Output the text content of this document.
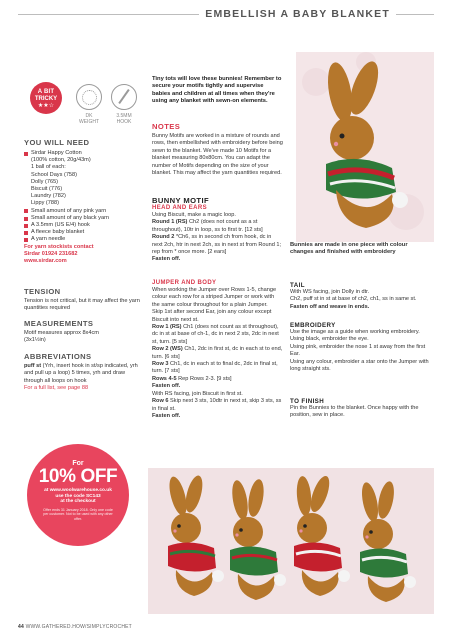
EMBELLISH A BABY BLANKET
A BIT
TRICKY
★★☆
DK
WEIGHT
3.5MM
HOOK
YOU WILL NEED
Sirdar Happy Cotton
(100% cotton, 20g/43m)
1 ball of each:
School Days (758)
Dolly (765)
Biscuit (776)
Laundry (782)
Lippy (788)
Small amount of any pink yarn
Small amount of any black yarn
A 3.5mm (US E/4) hook
A fleece baby blanket
A yarn needle
For yarn stockists contact
Sirdar 01924 231682
www.sirdar.com
TENSION
Tension is not critical, but it may affect the yarn quantities required
MEASUREMENTS
Motif measures approx 8x4cm
(3x1½in)
ABBREVIATIONS
puff st (Yrh, insert hook in st/sp indicated, yrh and pull up a loop) 5 times, yrh and draw through all loops on hook
For a full list, see page 88
For
10% OFF
at www.woolwarehouse.co.uk
use the code SC143
at the checkout
Offer ends 31 January 2018. Only one code per customer. Not to be used with any other offer.
Tiny tots will love these bunnies! Remember to secure your motifs tightly and supervise babies and children at all times when they're using any blanket with sewn-on elements.
NOTES
Bunny Motifs are worked in a mixture of rounds and rows, then embellished with embroidery before being sewn to the blanket. We've made 10 Motifs for a blanket measuring 80x80cm. You can adapt the number of Motifs depending on the size of your blanket. This may affect the yarn quantities required.
BUNNY MOTIF
HEAD AND EARS
Using Biscuit, make a magic loop.
Round 1 (RS) Ch2 (does not count as a st throughout), 10tr in loop, ss to first tr. [12 sts]
Round 2 *Ch6, ss in second ch from hook, dc in next 2ch, htr in next 2ch, ss in next st from Round 1; rep from * once more. [2 ears]
Fasten off.
JUMPER AND BODY
When working the Jumper over Rows 1-5, change colour each row for a striped Jumper or work with the same colour throughout for a plain Jumper.
Skip 1st after second Ear, join any colour except Biscuit into next st.
Row 1 (RS) Ch1 (does not count as st throughout), dc in st at base of ch-1, dc in next 2 sts, 2dc in next st, turn. [5 sts]
Row 2 (WS) Ch1, 2dc in first st, dc in each st to end, turn. [6 sts]
Row 3 Ch1, dc in each st to final dc, 2dc in final st, turn. [7 sts]
Rows 4-5 Rep Rows 2-3. [9 sts]
Fasten off.
With RS facing, join Biscuit in first st.
Row 6 Skip next 3 sts, 10dtr in next st, skip 3 sts, ss in final st.
Fasten off.
Bunnies are made in one piece with colour changes and finished with embroidery
TAIL
With WS facing, join Dolly in dtr.
Ch2, puff st in st at base of ch2, ch1, ss in same st.
Fasten off and weave in ends.
EMBROIDERY
Use the image as a guide when working embroidery.
Using black, embroider the eye.
Using pink, embroider the nose 1 st away from the first Ear.
Using any colour, embroider a star onto the Jumper with long straight sts.
TO FINISH
Pin the Bunnies to the blanket. Once happy with the position, sew in place.
44 WWW.GATHERED.HOW/SIMPLYCROCHET
